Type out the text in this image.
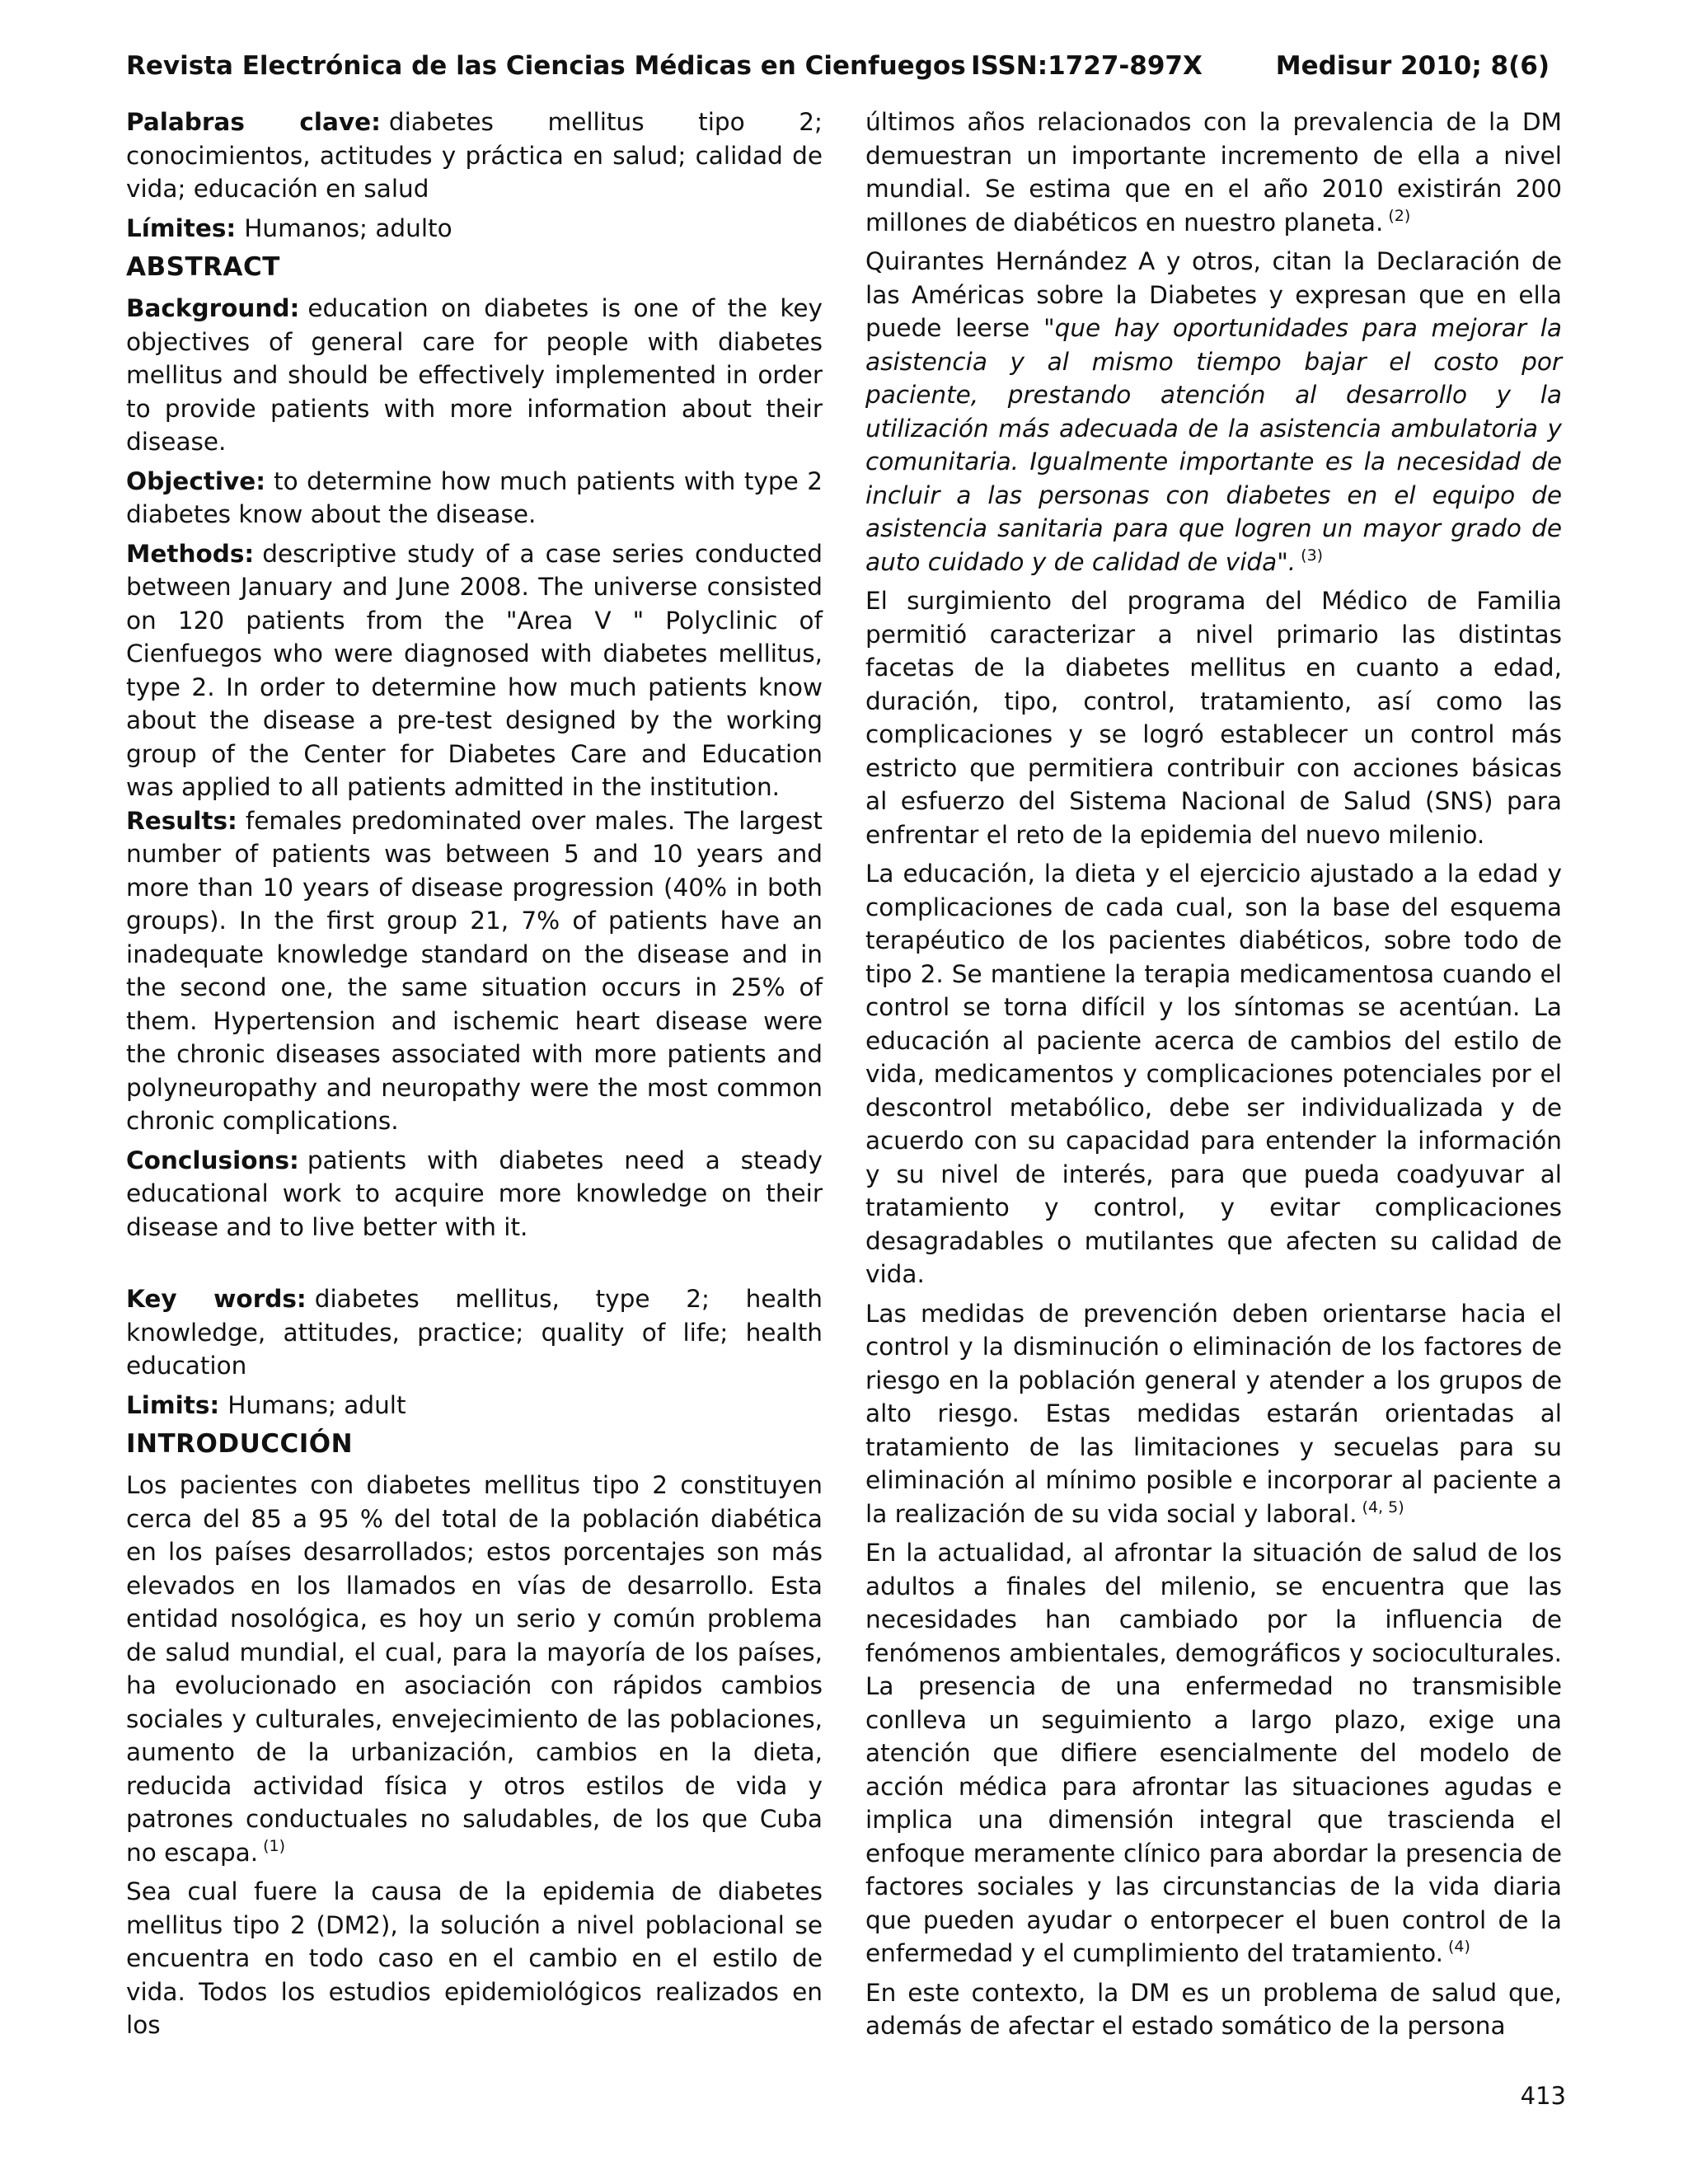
Revista Electrónica de las Ciencias Médicas en Cienfuegos ISSN:1727-897X	Medisur 2010; 8(6)

Palabras clave: diabetes mellitus tipo 2; conocimientos, actitudes y práctica en salud; calidad de vida; educación en salud

Límites: Humanos; adulto

ABSTRACT

Background: education on diabetes is one of the key objectives of general care for people with diabetes mellitus and should be effectively implemented in order to provide patients with more information about their disease.

Objective: to determine how much patients with type 2 diabetes know about the disease.

Methods: descriptive study of a case series conducted between January and June 2008. The universe consisted on 120 patients from the "Area V " Polyclinic of Cienfuegos who were diagnosed with diabetes mellitus, type 2. In order to determine how much patients know about the disease a pre-test designed by the working group of the Center for Diabetes Care and Education was applied to all patients admitted in the institution.

Results: females predominated over males. The largest number of patients was between 5 and 10 years and more than 10 years of disease progression (40% in both groups). In the first group 21, 7% of patients have an inadequate knowledge standard on the disease and in the second one, the same situation occurs in 25% of them. Hypertension and ischemic heart disease were the chronic diseases associated with more patients and polyneuropathy and neuropathy were the most common chronic complications.

Conclusions: patients with diabetes need a steady educational work to acquire more knowledge on their disease and to live better with it.

Key words: diabetes mellitus, type 2; health knowledge, attitudes, practice; quality of life; health education

Limits: Humans; adult

INTRODUCCIÓN

Los pacientes con diabetes mellitus tipo 2 constituyen cerca del 85 a 95 % del total de la población diabética en los países desarrollados; estos porcentajes son más elevados en los llamados en vías de desarrollo. Esta entidad nosológica, es hoy un serio y común problema de salud mundial, el cual, para la mayoría de los países, ha evolucionado en asociación con rápidos cambios sociales y culturales, envejecimiento de las poblaciones, aumento de la urbanización, cambios en la dieta, reducida actividad física y otros estilos de vida y patrones conductuales no saludables, de los que Cuba no escapa. $^{(1)}$

Sea cual fuere la causa de la epidemia de diabetes mellitus tipo 2 (DM2), la solución a nivel poblacional se encuentra en todo caso en el cambio en el estilo de vida. Todos los estudios epidemiológicos realizados en los

últimos años relacionados con la prevalencia de la DM demuestran un importante incremento de ella a nivel mundial. Se estima que en el año 2010 existirán 200 millones de diabéticos en nuestro planeta. $^{(2)}$

Quirantes Hernández A y otros, citan la Declaración de las Américas sobre la Diabetes y expresan que en ella puede leerse "que hay oportunidades para mejorar la asistencia y al mismo tiempo bajar el costo por paciente, prestando atención al desarrollo y la utilización más adecuada de la asistencia ambulatoria y comunitaria. Igualmente importante es la necesidad de incluir a las personas con diabetes en el equipo de asistencia sanitaria para que logren un mayor grado de auto cuidado y de calidad de vida". $^{(3)}$

El surgimiento del programa del Médico de Familia permitió caracterizar a nivel primario las distintas facetas de la diabetes mellitus en cuanto a edad, duración, tipo, control, tratamiento, así como las complicaciones y se logró establecer un control más estricto que permitiera contribuir con acciones básicas al esfuerzo del Sistema Nacional de Salud (SNS) para enfrentar el reto de la epidemia del nuevo milenio.

La educación, la dieta y el ejercicio ajustado a la edad y complicaciones de cada cual, son la base del esquema terapéutico de los pacientes diabéticos, sobre todo de tipo 2. Se mantiene la terapia medicamentosa cuando el control se torna difícil y los síntomas se acentúan. La educación al paciente acerca de cambios del estilo de vida, medicamentos y complicaciones potenciales por el descontrol metabólico, debe ser individualizada y de acuerdo con su capacidad para entender la información y su nivel de interés, para que pueda coadyuvar al tratamiento y control, y evitar complicaciones desagradables o mutilantes que afecten su calidad de vida.

Las medidas de prevención deben orientarse hacia el control y la disminución o eliminación de los factores de riesgo en la población general y atender a los grupos de alto riesgo. Estas medidas estarán orientadas al tratamiento de las limitaciones y secuelas para su eliminación al mínimo posible e incorporar al paciente a la realización de su vida social y laboral. $^{(4, 5)}$

En la actualidad, al afrontar la situación de salud de los adultos a finales del milenio, se encuentra que las necesidades han cambiado por la influencia de fenómenos ambientales, demográficos y socioculturales. La presencia de una enfermedad no transmisible conlleva un seguimiento a largo plazo, exige una atención que difiere esencialmente del modelo de acción médica para afrontar las situaciones agudas e implica una dimensión integral que trascienda el enfoque meramente clínico para abordar la presencia de factores sociales y las circunstancias de la vida diaria que pueden ayudar o entorpecer el buen control de la enfermedad y el cumplimiento del tratamiento. $^{(4)}$

En este contexto, la DM es un problema de salud que, además de afectar el estado somático de la persona

413
